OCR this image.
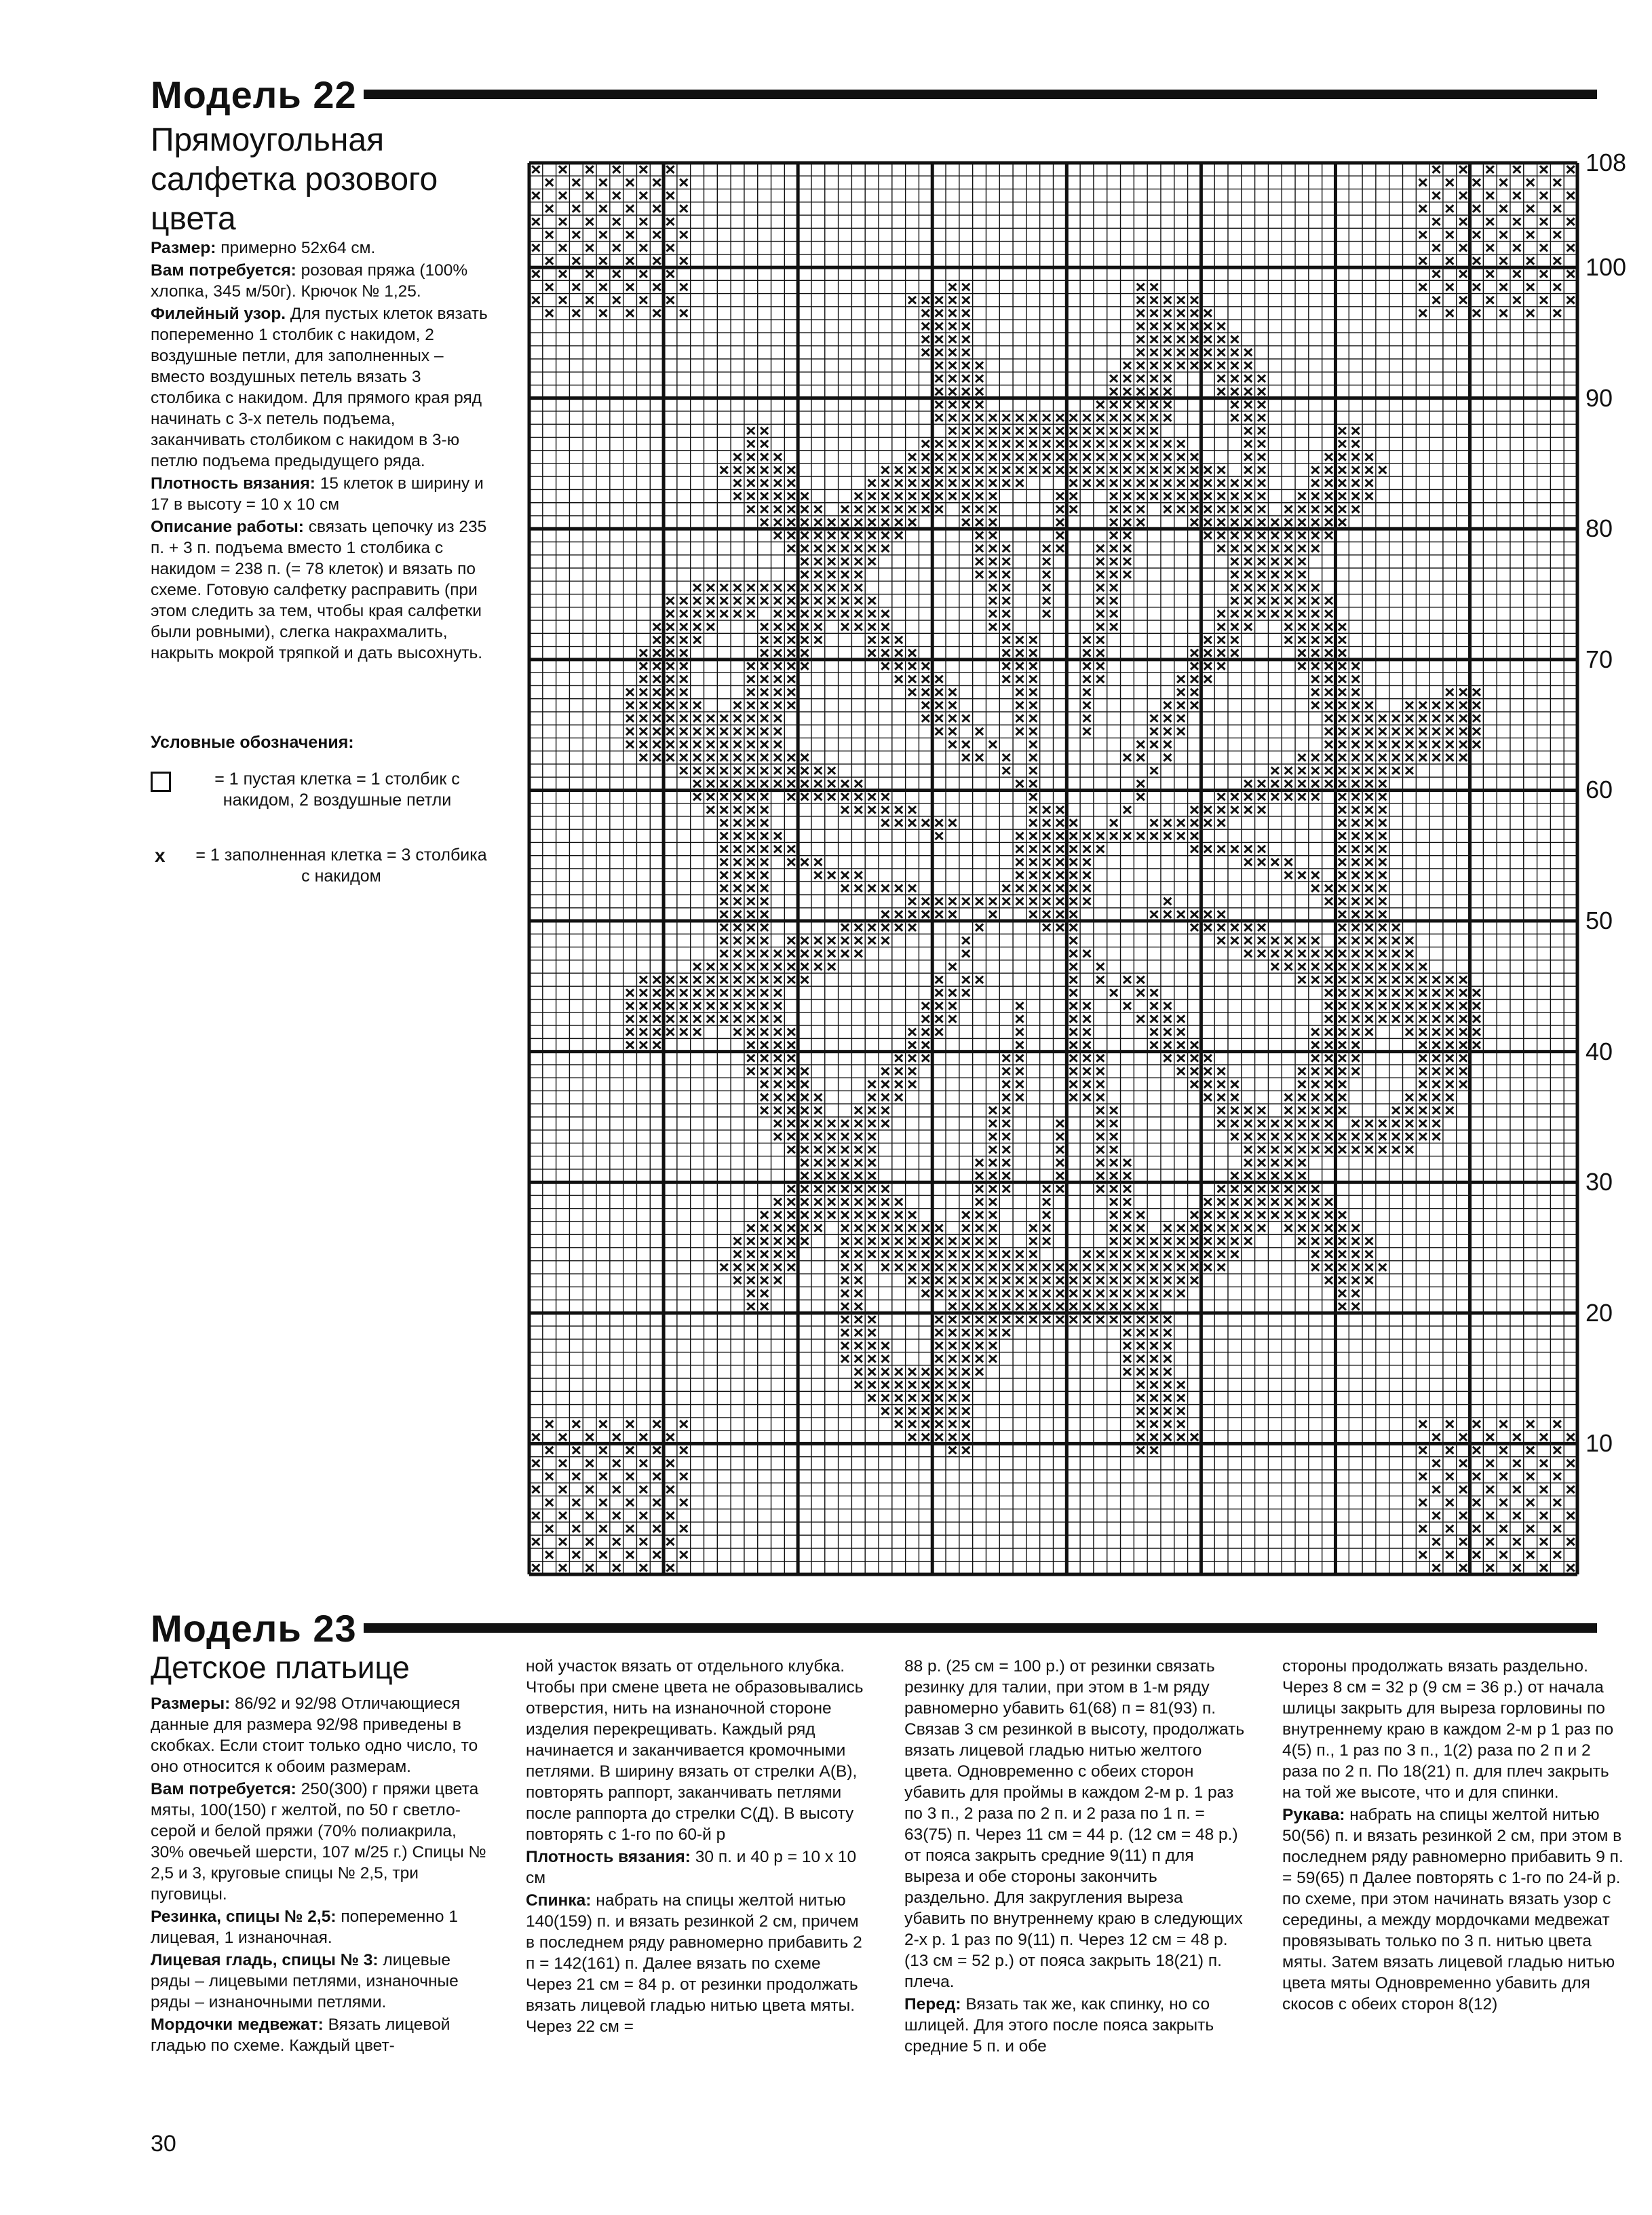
Модель 22
Прямоугольная
салфетка розового
цвета

Размер: примерно 52х64 см.

Вам потребуется: розовая пряжа (100% хлопка, 345 м/50г). Крючок № 1,25.

Филейный узор. Для пустых клеток вязать попеременно 1 столбик с накидом, 2 воздушные петли, для заполненных – вместо воздушных петель вязать 3 столбика с накидом. Для прямого края ряд начинать с 3-х петель подъема, заканчивать столбиком с накидом в 3-ю петлю подъема предыдущего ряда.

Плотность вязания: 15 клеток в ширину и 17 в высоту = 10 х 10 см

Описание работы: связать цепочку из 235 п. + 3 п. подъема вместо 1 столбика с накидом = 238 п. (= 78 клеток) и вязать по схеме. Готовую салфетку расправить (при этом следить за тем, чтобы края салфетки были ровными), слегка накрахмалить, накрыть мокрой тряпкой и дать высохнуть.

Условные обозначения:
= 1 пустая клетка = 1 столбик с накидом, 2 воздушные петли
х	= 1 заполненная клетка = 3 столбика с накидом
108
100
90
80
70
60
50
40
30
20
10
Модель 23
Детское платьице

Размеры: 86/92 и 92/98 Отличающиеся данные для размера 92/98 приведены в скобках. Если стоит только одно число, то оно относится к обоим размерам.

Вам потребуется: 250(300) г пряжи цвета мяты, 100(150) г желтой, по 50 г светло-серой и белой пряжи (70% полиакрила, 30% овечьей шерсти, 107 м/25 г.) Спицы № 2,5 и 3, круговые спицы № 2,5, три пуговицы.

Резинка, спицы № 2,5: попеременно 1 лицевая, 1 изнаночная.

Лицевая гладь, спицы № 3: лицевые ряды – лицевыми петлями, изнаночные ряды – изнаночными петлями.

Мордочки медвежат: Вязать лицевой гладью по схеме. Каждый цвет-

ной участок вязать от отдельного клубка. Чтобы при смене цвета не образовывались отверстия, нить на изнаночной стороне изделия перекрещивать. Каждый ряд начинается и заканчивается кромочными петлями. В ширину вязать от стрелки А(В), повторять раппорт, заканчивать петлями после раппорта до стрелки С(Д). В высоту повторять с 1-го по 60-й р

Плотность вязания: 30 п. и 40 р = 10 х 10 см

Спинка: набрать на спицы желтой нитью 140(159) п. и вязать резинкой 2 см, причем в последнем ряду равномерно прибавить 2 п = 142(161) п. Далее вязать по схеме Через 21 см = 84 р. от резинки продолжать вязать лицевой гладью нитью цвета мяты. Через 22 см =

88 р. (25 см = 100 р.) от резинки связать резинку для талии, при этом в 1-м ряду равномерно убавить 61(68) п = 81(93) п. Связав 3 см резинкой в высоту, продолжать вязать лицевой гладью нитью желтого цвета. Одновременно с обеих сторон убавить для проймы в каждом 2-м р. 1 раз по 3 п., 2 раза по 2 п. и 2 раза по 1 п. = 63(75) п. Через 11 см = 44 р. (12 см = 48 р.) от пояса закрыть средние 9(11) п для выреза и обе стороны закончить раздельно. Для закругления выреза убавить по внутреннему краю в следующих 2-х р. 1 раз по 9(11) п. Через 12 см = 48 р. (13 см = 52 р.) от пояса закрыть 18(21) п. плеча.

Перед: Вязать так же, как спинку, но со шлицей. Для этого после пояса закрыть средние 5 п. и обе

стороны продолжать вязать раздельно. Через 8 см = 32 р (9 см = 36 р.) от начала шлицы закрыть для выреза горловины по внутреннему краю в каждом 2-м р 1 раз по 4(5) п., 1 раз по 3 п., 1(2) раза по 2 п и 2 раза по 2 п. По 18(21) п. для плеч закрыть на той же высоте, что и для спинки.

Рукава: набрать на спицы желтой нитью 50(56) п. и вязать резинкой 2 см, при этом в последнем ряду равномерно прибавить 9 п. = 59(65) п Далее повторять с 1-го по 24-й р. по схеме, при этом начинать вязать узор с середины, а между мордочками медвежат провязывать только по 3 п. нитью цвета мяты. Затем вязать лицевой гладью нитью цвета мяты Одновременно убавить для скосов с обеих сторон 8(12)

30
